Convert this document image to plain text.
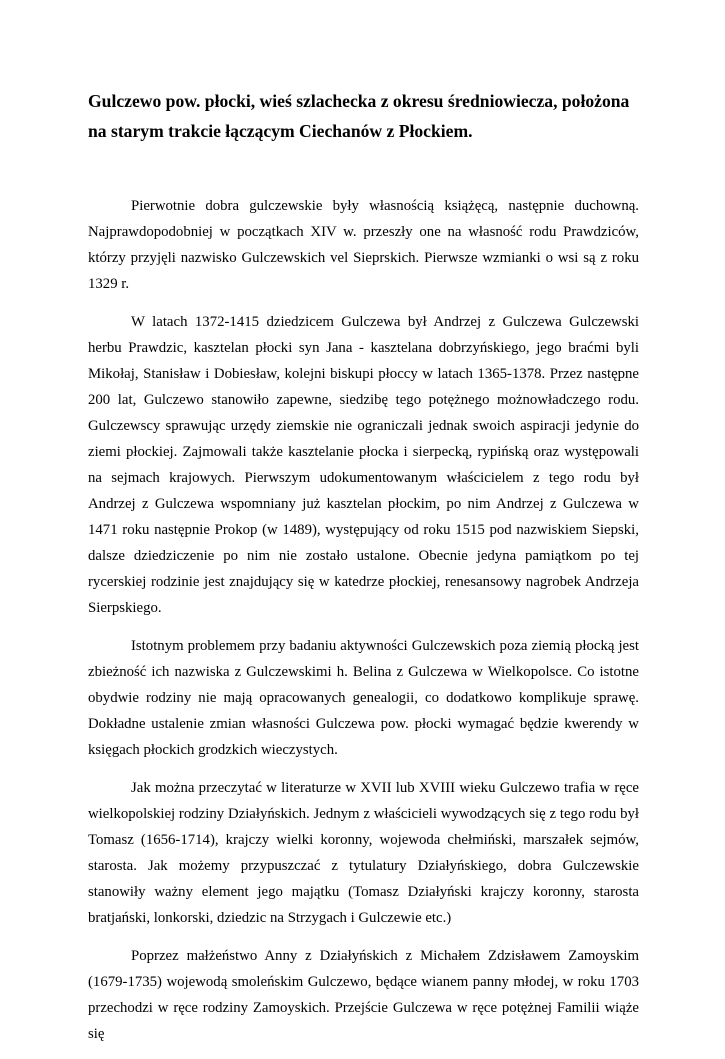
Gulczewo pow. płocki, wieś szlachecka z okresu średniowiecza, położona na starym trakcie łączącym Ciechanów z Płockiem.

Pierwotnie dobra gulczewskie były własnością książęcą, następnie duchowną. Najprawdopodobniej w początkach XIV w. przeszły one na własność rodu Prawdziców, którzy przyjęli nazwisko Gulczewskich vel Sieprskich. Pierwsze wzmianki o wsi są z roku 1329 r.

W latach 1372-1415 dziedzicem Gulczewa był Andrzej z Gulczewa Gulczewski herbu Prawdzic, kasztelan płocki syn Jana - kasztelana dobrzyńskiego, jego braćmi byli Mikołaj, Stanisław i Dobiesław, kolejni biskupi płoccy w latach 1365-1378. Przez następne 200 lat, Gulczewo stanowiło zapewne, siedzibę tego potężnego możnowładczego rodu. Gulczewscy sprawując urzędy ziemskie nie ograniczali jednak swoich aspiracji jedynie do ziemi płockiej. Zajmowali także kasztelanie płocka i sierpecką, rypińską oraz występowali na sejmach krajowych. Pierwszym udokumentowanym właścicielem z tego rodu był Andrzej z Gulczewa wspomniany już kasztelan płockim, po nim Andrzej z Gulczewa w 1471 roku następnie Prokop (w 1489), występujący od roku 1515 pod nazwiskiem Siepski, dalsze dziedziczenie po nim nie zostało ustalone. Obecnie jedyna pamiątkom po tej rycerskiej rodzinie jest znajdujący się w katedrze płockiej, renesansowy nagrobek Andrzeja Sierpskiego.

Istotnym problemem przy badaniu aktywności Gulczewskich poza ziemią płocką jest zbieżność ich nazwiska z Gulczewskimi h. Belina z Gulczewa w Wielkopolsce. Co istotne obydwie rodziny nie mają opracowanych genealogii, co dodatkowo komplikuje sprawę. Dokładne ustalenie zmian własności Gulczewa pow. płocki wymagać będzie kwerendy w księgach płockich grodzkich wieczystych.

Jak można przeczytać w literaturze w XVII lub XVIII wieku Gulczewo trafia w ręce wielkopolskiej rodziny Działyńskich. Jednym z właścicieli wywodzących się z tego rodu był Tomasz (1656-1714), krajczy wielki koronny, wojewoda chełmiński, marszałek sejmów, starosta. Jak możemy przypuszczać z tytulatury Działyńskiego, dobra Gulczewskie stanowiły ważny element jego majątku (Tomasz Działyński krajczy koronny, starosta bratjański, lonkorski, dziedzic na Strzygach i Gulczewie etc.)

Poprzez małżeństwo Anny z Działyńskich z Michałem Zdzisławem Zamoyskim (1679-1735) wojewodą smoleńskim Gulczewo, będące wianem panny młodej, w roku 1703 przechodzi w ręce rodziny Zamoyskich. Przejście Gulczewa w ręce potężnej Familii wiąże się
